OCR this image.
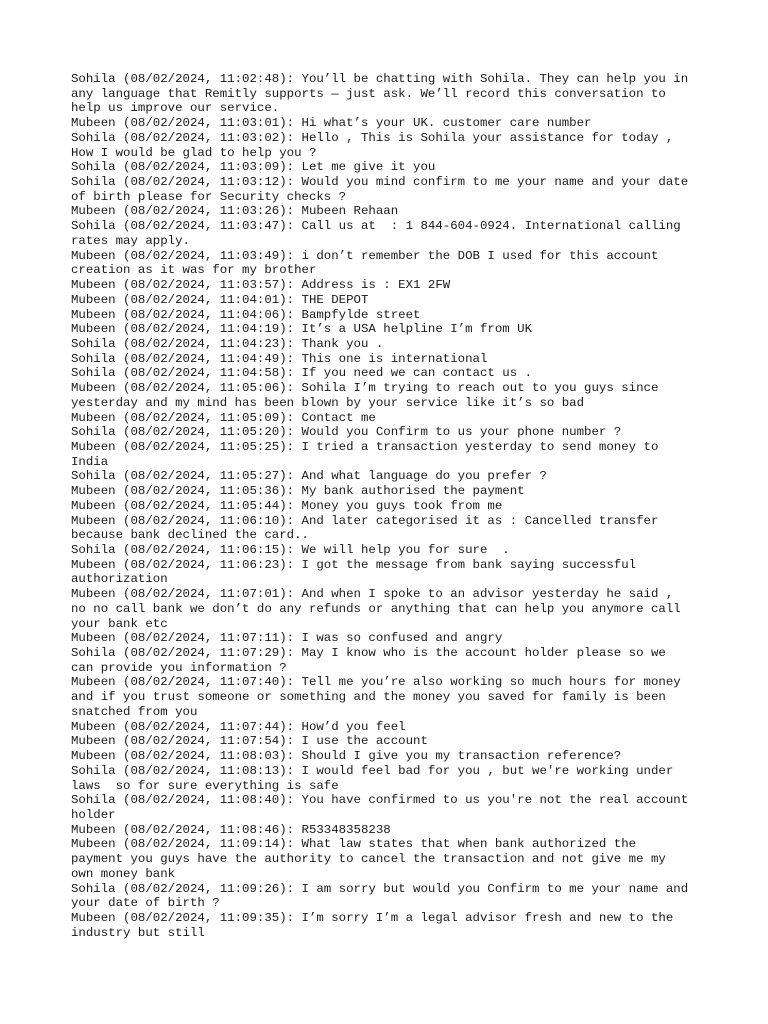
Sohila (08/02/2024, 11:02:48): You’ll be chatting with Sohila. They can help you in
any language that Remitly supports — just ask. We’ll record this conversation to
help us improve our service.
Mubeen (08/02/2024, 11:03:01): Hi what’s your UK. customer care number
Sohila (08/02/2024, 11:03:02): Hello , This is Sohila your assistance for today ,
How I would be glad to help you ?
Sohila (08/02/2024, 11:03:09): Let me give it you
Sohila (08/02/2024, 11:03:12): Would you mind confirm to me your name and your date
of birth please for Security checks ?
Mubeen (08/02/2024, 11:03:26): Mubeen Rehaan
Sohila (08/02/2024, 11:03:47): Call us at  : 1 844-604-0924. International calling
rates may apply.
Mubeen (08/02/2024, 11:03:49): i don’t remember the DOB I used for this account
creation as it was for my brother
Mubeen (08/02/2024, 11:03:57): Address is : EX1 2FW
Mubeen (08/02/2024, 11:04:01): THE DEPOT
Mubeen (08/02/2024, 11:04:06): Bampfylde street
Mubeen (08/02/2024, 11:04:19): It’s a USA helpline I’m from UK
Sohila (08/02/2024, 11:04:23): Thank you .
Sohila (08/02/2024, 11:04:49): This one is international
Sohila (08/02/2024, 11:04:58): If you need we can contact us .
Mubeen (08/02/2024, 11:05:06): Sohila I’m trying to reach out to you guys since
yesterday and my mind has been blown by your service like it’s so bad
Mubeen (08/02/2024, 11:05:09): Contact me
Sohila (08/02/2024, 11:05:20): Would you Confirm to us your phone number ?
Mubeen (08/02/2024, 11:05:25): I tried a transaction yesterday to send money to
India
Sohila (08/02/2024, 11:05:27): And what language do you prefer ?
Mubeen (08/02/2024, 11:05:36): My bank authorised the payment
Mubeen (08/02/2024, 11:05:44): Money you guys took from me
Mubeen (08/02/2024, 11:06:10): And later categorised it as : Cancelled transfer
because bank declined the card..
Sohila (08/02/2024, 11:06:15): We will help you for sure  .
Mubeen (08/02/2024, 11:06:23): I got the message from bank saying successful
authorization
Mubeen (08/02/2024, 11:07:01): And when I spoke to an advisor yesterday he said ,
no no call bank we don’t do any refunds or anything that can help you anymore call
your bank etc
Mubeen (08/02/2024, 11:07:11): I was so confused and angry
Sohila (08/02/2024, 11:07:29): May I know who is the account holder please so we
can provide you information ?
Mubeen (08/02/2024, 11:07:40): Tell me you’re also working so much hours for money
and if you trust someone or something and the money you saved for family is been
snatched from you
Mubeen (08/02/2024, 11:07:44): How’d you feel
Mubeen (08/02/2024, 11:07:54): I use the account
Mubeen (08/02/2024, 11:08:03): Should I give you my transaction reference?
Sohila (08/02/2024, 11:08:13): I would feel bad for you , but we're working under
laws  so for sure everything is safe
Sohila (08/02/2024, 11:08:40): You have confirmed to us you're not the real account
holder
Mubeen (08/02/2024, 11:08:46): R53348358238
Mubeen (08/02/2024, 11:09:14): What law states that when bank authorized the
payment you guys have the authority to cancel the transaction and not give me my
own money bank
Sohila (08/02/2024, 11:09:26): I am sorry but would you Confirm to me your name and
your date of birth ?
Mubeen (08/02/2024, 11:09:35): I’m sorry I’m a legal advisor fresh and new to the
industry but still
